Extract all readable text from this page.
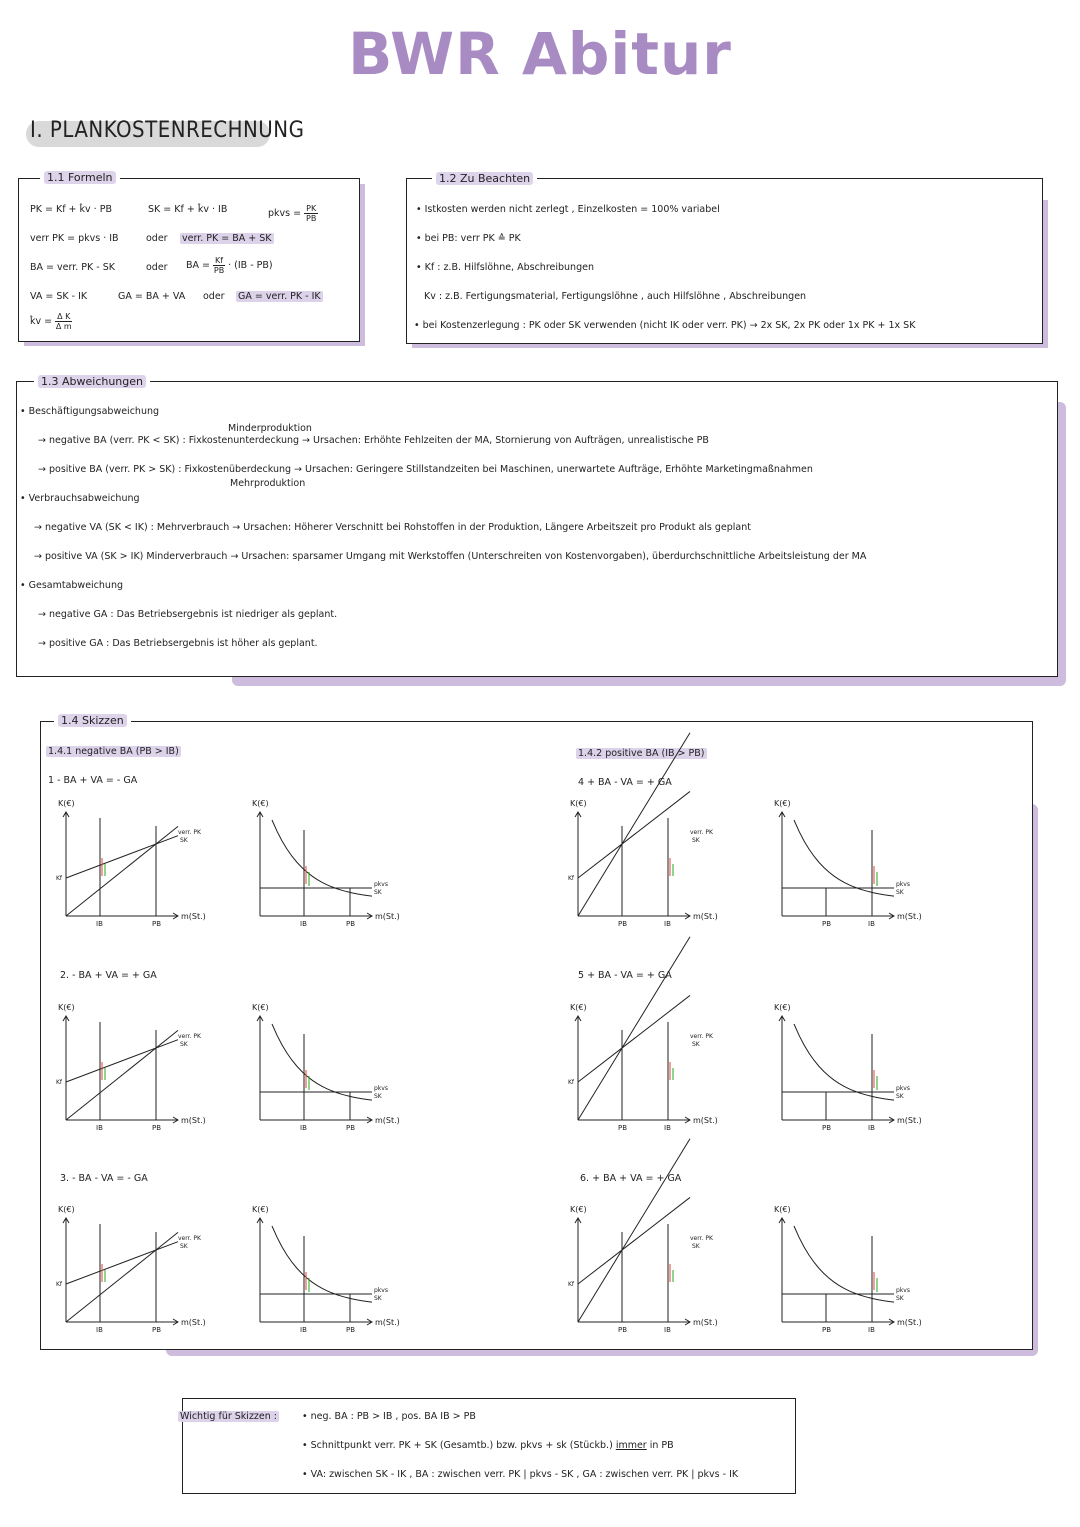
BWR Abitur
I. PLANKOSTENRECHNUNG
1.1 Formeln
PK = Kf + k̂v · PB	SK = Kf + k̂v · IB	pkvs = $\frac{PK}{PB}$
verr PK = pkvs · IB	oder verr. PK = BA + SK
BA = verr. PK - SK	oder BA = $\frac{Kf}{PB} \cdot (IB - PB)$
VA = SK - IK	GA = BA + VA oder GA = verr. PK - IK
k̂v = $\frac{\text{Δ K}}{\text{Δ m}}$
1.2 Zu Beachten
• Istkosten werden nicht zerlegt , Einzelkosten = 100% variabel
• bei PB: verr PK ≙ PK
• Kf : z.B. Hilfslöhne, Abschreibungen
Kv : z.B. Fertigungsmaterial, Fertigungslöhne , auch Hilfslöhne , Abschreibungen
• bei Kostenzerlegung : PK oder SK verwenden (nicht IK oder verr. PK) → 2x SK, 2x PK oder 1x PK + 1x SK
1.3 Abweichungen
• Beschäftigungsabweichung
Minderproduktion
→ negative BA (verr. PK < SK) : Fixkostenunterdeckung → Ursachen: Erhöhte Fehlzeiten der MA, Stornierung von Aufträgen, unrealistische PB
→ positive BA (verr. PK > SK) : Fixkostenüberdeckung → Ursachen: Geringere Stillstandzeiten bei Maschinen, unerwartete Aufträge, Erhöhte Marketingmaßnahmen
Mehrproduktion
• Verbrauchsabweichung
→ negative VA (SK < IK) : Mehrverbrauch → Ursachen: Höherer Verschnitt bei Rohstoffen in der Produktion, Längere Arbeitszeit pro Produkt als geplant
→ positive VA (SK > IK) Minderverbrauch → Ursachen: sparsamer Umgang mit Werkstoffen (Unterschreiten von Kostenvorgaben), überdurchschnittliche Arbeitsleistung der MA
• Gesamtabweichung
→ negative GA : Das Betriebsergebnis ist niedriger als geplant.
→ positive GA : Das Betriebsergebnis ist höher als geplant.
1.4 Skizzen
1.4.1 negative BA (PB > IB)	1.4.2 positive BA (IB > PB)
1 - BA + VA = - GA
2. - BA + VA = + GA
3. - BA - VA = - GA
4 + BA - VA = + GA
5 + BA - VA = + GA
6. + BA + VA = + GA
K(€)
m(St.)
IB	PB
Kf
verr. PK
SK
K(€)
m(St.)
IB	PB
pkvs
SK
K(€)
m(St.)
IB
PB
Kf
verr. PK
SK
K(€)
m(St.)
IB
PB
pkvs
SK
K(€)
m(St.)
IB	PB
Kf
verr. PK
SK
K(€)
m(St.)
IB	PB
pkvs
SK
K(€)
m(St.)
IB
PB
Kf
verr. PK
SK
K(€)
m(St.)
IB
PB
pkvs
SK
K(€)
m(St.)
IB	PB
Kf
verr. PK
SK
K(€)
m(St.)
IB	PB
pkvs
SK
K(€)
m(St.)
IB
PB
Kf
verr. PK
SK
K(€)
m(St.)
IB
PB
pkvs
SK
Wichtig für Skizzen :	• neg. BA : PB > IB , pos. BA IB > PB
• Schnittpunkt verr. PK + SK (Gesamtb.) bzw. pkvs + sk (Stückb.) immer in PB
• VA: zwischen SK - IK , BA : zwischen verr. PK | pkvs - SK , GA : zwischen verr. PK | pkvs - IK
